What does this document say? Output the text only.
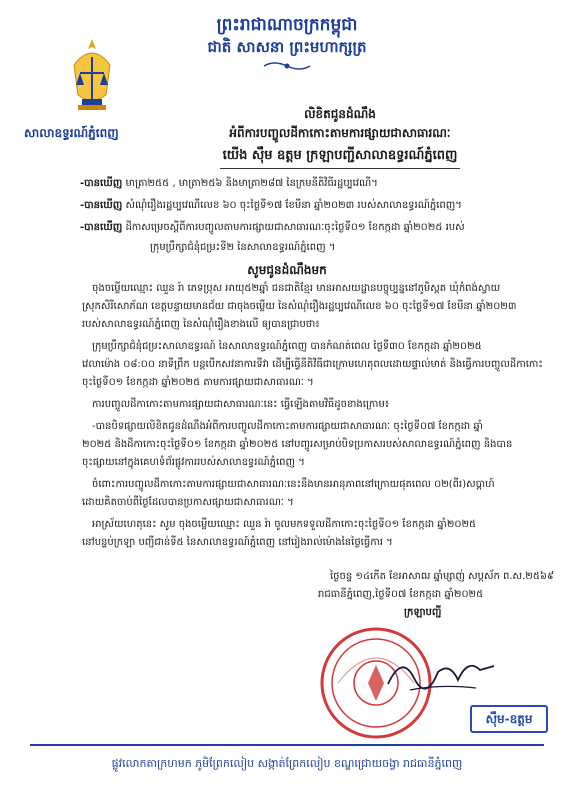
ព្រះរាជាណាចក្រកម្ពុជា
ជាតិ សាសនា ព្រះមហាក្សត្រ
សាលាឧទ្ធរណ៍ភ្នំពេញ
លិខិតជូនដំណឹង
អំពីការបញ្ចូលដីកាកោះតាមការផ្សាយជាសាធារណៈ
យើង ស៊ឹម ឧត្តម ក្រឡាបញ្ជីសាលាឧទ្ធរណ៍ភ្នំពេញ
-បានឃើញ មាត្រា២៥៥ , មាត្រា២៥៦ និងមាត្រា២៨៧ នៃក្រមនីតិវិធីរដ្ឋប្បវេណី។
-បានឃើញ សំណុំរឿងរដ្ឋប្បវេណីលេខ ៦០ ចុះថ្ងៃទី១៧ ខែមីនា ឆ្នាំ២០២៣ របស់សាលាឧទ្ធរណ៍ភ្នំពេញ។
-បានឃើញ ដីកាសម្រេចស្តីពីការបញ្ចូលតាមការផ្សាយជាសាធារណៈចុះថ្ងៃទី០១ ខែកក្កដា ឆ្នាំ២០២៥ របស់
ក្រុមប្រឹក្សាជំនុំជម្រះទី២ នៃសាលាឧទ្ធរណ៍ភ្នំពេញ ។
សូមជូនដំណឹងមក
ចុងចម្លើយឈ្មោះ ឈួន រ៉ា ភេទប្រុស អាយុ៥២ឆ្នាំ ជនជាតិខ្មែរ មានអាសយដ្ឋានបច្ចុប្បន្ននៅភូមិស្ពត ឃុំកំពង់ស្វាយ
ស្រុកសិរីសោភ័ណ ខេត្តបន្ទាយមានជ័យ ជាចុងចម្លើយ នៃសំណុំរឿងរដ្ឋប្បវេណីលេខ ៦០ ចុះថ្ងៃទី១៧ ខែមីនា ឆ្នាំ២០២៣
របស់សាលាឧទ្ធរណ៍ភ្នំពេញ នៃសំណុំរឿងខាងលើ ឲ្យបានជ្រាបថា៖
ក្រុមប្រឹក្សាជំនុំជម្រះសាលាឧទ្ធរណ៍ នៃសាលាឧទ្ធរណ៍ភ្នំពេញ បានកំណត់ពេល ថ្ងៃទី៣០ ខែកក្កដា ឆ្នាំ២០២៥
វេលាម៉ោង ០៨:០០ នាទីព្រឹក បន្តបើកសវនាការទីវា ដើម្បីធ្វើនីតិវិធីជាក្រោមហេតុពលដោយផ្ទាល់មាត់ និងធ្វើការបញ្ចូលដីកាកោះ
ចុះថ្ងៃទី០១ ខែកក្កដា ឆ្នាំ២០២៥ តាមការផ្សាយជាសាធារណៈ ។
ការបញ្ចូលដីកាកោះតាមការផ្សាយជាសាធារណៈនេះ ធ្វើឡើងតាមវិធីដូចខាងក្រោម៖
-បានបិទផ្សាយលិខិតជូនដំណឹងអំពីការបញ្ចូលដីកាកោះតាមការផ្សាយជាសាធារណៈ ចុះថ្ងៃទី០៧ ខែកក្កដា ឆ្នាំ
២០២៥ និងដីកាកោះចុះថ្ងៃទី០១ ខែកក្កដា ឆ្នាំ២០២៥ នៅបញ្ចូរសម្រាប់បិទប្រកាសរបស់សាលាឧទ្ធរណ៍ភ្នំពេញ និងបាន
ចុះផ្សាយនៅក្នុងគេហទំព័រផ្លូវការរបស់សាលាឧទ្ធរណ៍ភ្នំពេញ ។
ចំពោះការបញ្ចូលដីកាកោះតាមការផ្សាយជាសាធារណៈនេះនឹងមានអានុភាពនៅក្រោយផុតពេល ០២(ពីរ)សប្តាហ៍
ដោយគិតចាប់ពីថ្ងៃដែលបានប្រកាសផ្សាយជាសាធារណៈ ។
អាស្រ័យហេតុនេះ សូម ចុងចម្លើយឈ្មោះ ឈួន រ៉ា ចូលមកទទួលដីកាកោះចុះថ្ងៃទី០១ ខែកក្កដា ឆ្នាំ២០២៥
នៅបន្ទប់ក្រឡា បញ្ជីជាន់ទី៥ នៃសាលាឧទ្ធរណ៍ភ្នំពេញ នៅរៀងរាល់ម៉ោងនៃថ្ងៃធ្វើការ ។
ថ្ងៃចន្ទ ១៤កើត ខែអាសាឍ ឆ្នាំម្សាញ់ សប្តស័ក ព.ស.២៥៦៩
រាជធានីភ្នំពេញ,ថ្ងៃទី០៧ ខែកក្កដា ឆ្នាំ២០២៥
ក្រឡាបញ្ជី
ស៊ឹម-ឧត្តម
ផ្លូវលោកតាក្រហមក ភូមិព្រែកលៀប សង្កាត់ព្រែកលៀប ខណ្ឌជ្រោយចង្វា រាជធានីភ្នំពេញ
